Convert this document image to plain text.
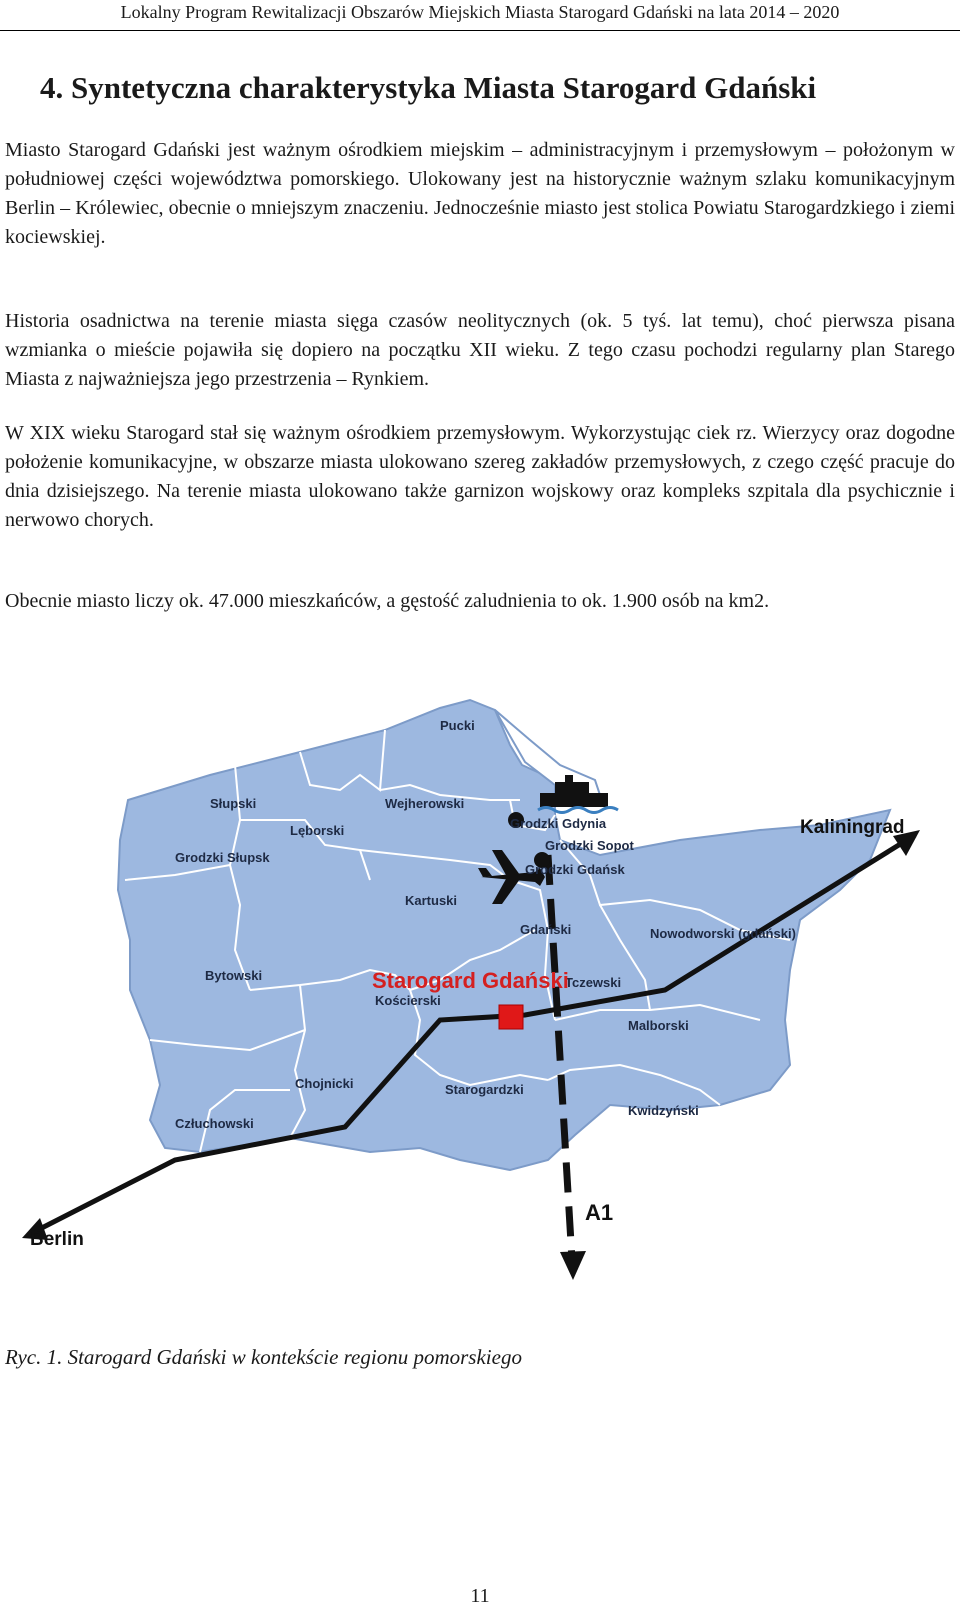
Lokalny Program Rewitalizacji Obszarów Miejskich Miasta Starogard Gdański na lata 2014 – 2020
4. Syntetyczna charakterystyka Miasta Starogard Gdański

Miasto Starogard Gdański jest ważnym ośrodkiem miejskim – administracyjnym i przemysłowym – położonym w południowej części województwa pomorskiego. Ulokowany jest na historycznie ważnym szlaku komunikacyjnym Berlin – Królewiec, obecnie o mniejszym znaczeniu. Jednocześnie miasto jest stolica Powiatu Starogardzkiego i ziemi kociewskiej.

Historia osadnictwa na terenie miasta sięga czasów neolitycznych (ok. 5 tyś. lat temu), choć pierwsza pisana wzmianka o mieście pojawiła się dopiero na początku XII wieku. Z tego czasu pochodzi regularny plan Starego Miasta z najważniejsza jego przestrzenia – Rynkiem.

W XIX wieku Starogard stał się ważnym ośrodkiem przemysłowym. Wykorzystując ciek rz. Wierzycy oraz dogodne położenie komunikacyjne, w obszarze miasta ulokowano szereg zakładów przemysłowych, z czego część pracuje do dnia dzisiejszego. Na terenie miasta ulokowano także garnizon wojskowy oraz kompleks szpitala dla psychicznie i nerwowo chorych.

Obecnie miasto liczy ok. 47.000 mieszkańców, a gęstość zaludnienia to ok. 1.900 osób na km2.

Pucki
Słupski	Wejherowski
Lęborski
Grodzki Słupsk
Grodzki Gdynia
Grodzki Sopot
Grodzki Gdańsk
Kartuski
Gdański	Nowodworski (gdański)
Bytowski
Kościerski
Tczewski
Malborski
Chojnicki	Starogardzki
Kwidzyński
Człuchowski
Starogard Gdański
Kaliningrad
Berlin
A1
Ryc. 1. Starogard Gdański w kontekście regionu pomorskiego
11
